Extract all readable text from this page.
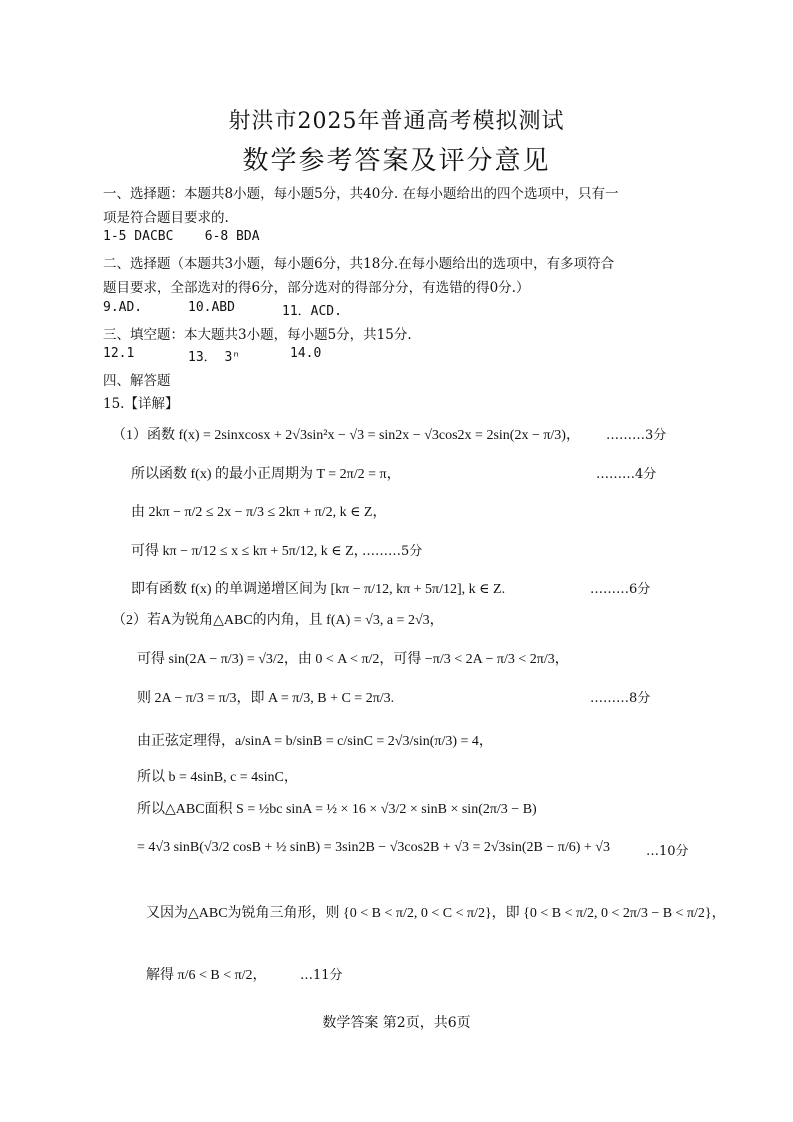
射洪市2025年普通高考模拟测试
数学参考答案及评分意见
一、选择题：本题共8小题，每小题5分，共40分. 在每小题给出的四个选项中，只有一
项是符合题目要求的.
1-5 DACBC    6-8 BDA
二、选择题（本题共3小题，每小题6分，共18分.在每小题给出的选项中，有多项符合
题目要求，全部选对的得6分，部分选对的得部分分，有选错的得0分.）
9.AD.	10.ABD	11．ACD.
三、填空题：本大题共3小题，每小题5分，共15分.
12.1	13． 3ⁿ	14.0
四、解答题
15.【详解】
（1）函数 f(x) = 2sinxcosx + 2√3sin²x − √3 = sin2x − √3cos2x = 2sin(2x − π/3)， ………3分
所以函数 f(x) 的最小正周期为 T = 2π/2 = π，	………4分
由 2kπ − π/2 ≤ 2x − π/3 ≤ 2kπ + π/2, k ∈ Z，
可得 kπ − π/12 ≤ x ≤ kπ + 5π/12, k ∈ Z，
………5分
即有函数 f(x) 的单调递增区间为 [kπ − π/12, kπ + 5π/12], k ∈ Z.	………6分
（2）若A为锐角△ABC的内角，且 f(A) = √3, a = 2√3，
可得 sin(2A − π/3) = √3/2，由 0 < A < π/2，可得 −π/3 < 2A − π/3 < 2π/3，
则 2A − π/3 = π/3，即 A = π/3, B + C = 2π/3.	………8分
由正弦定理得，a/sinA = b/sinB = c/sinC = 2√3/sin(π/3) = 4，
所以 b = 4sinB, c = 4sinC，
所以△ABC面积 S = ½bc sinA = ½ × 16 × √3/2 × sinB × sin(2π/3 − B)
= 4√3 sinB(√3/2 cosB + ½ sinB) = 3sin2B − √3cos2B + √3 = 2√3sin(2B − π/6) + √3	…10分
又因为△ABC为锐角三角形，则 {0 < B < π/2, 0 < C < π/2}，即 {0 < B < π/2, 0 < 2π/3 − B < π/2}，
解得 π/6 < B < π/2，	…11分
数学答案 第2页，共6页
